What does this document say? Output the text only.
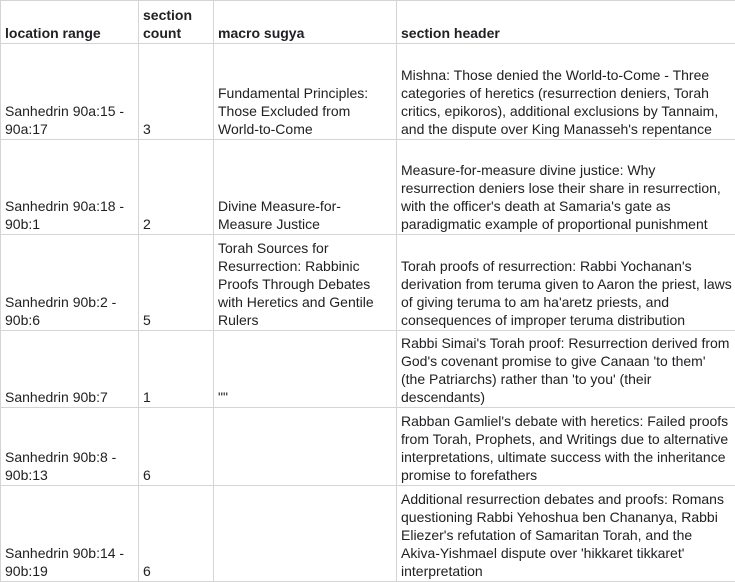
location range	section count	macro sugya	section header
Sanhedrin 90a:15 - 90a:17	3	Fundamental Principles: Those Excluded from World-to-Come	Mishna: Those denied the World-to-Come - Three categories of heretics (resurrection deniers, Torah critics, epikoros), additional exclusions by Tannaim, and the dispute over King Manasseh's repentance
Sanhedrin 90a:18 - 90b:1	2	Divine Measure-for-Measure Justice	Measure-for-measure divine justice: Why resurrection deniers lose their share in resurrection, with the officer's death at Samaria's gate as paradigmatic example of proportional punishment
Sanhedrin 90b:2 - 90b:6	5	Torah Sources for Resurrection: Rabbinic Proofs Through Debates with Heretics and Gentile Rulers	Torah proofs of resurrection: Rabbi Yochanan's derivation from teruma given to Aaron the priest, laws of giving teruma to am ha'aretz priests, and consequences of improper teruma distribution
Sanhedrin 90b:7	1	""	Rabbi Simai's Torah proof: Resurrection derived from God's covenant promise to give Canaan 'to them' (the Patriarchs) rather than 'to you' (their descendants)
Sanhedrin 90b:8 - 90b:13	6		Rabban Gamliel's debate with heretics: Failed proofs from Torah, Prophets, and Writings due to alternative interpretations, ultimate success with the inheritance promise to forefathers
Sanhedrin 90b:14 - 90b:19	6		Additional resurrection debates and proofs: Romans questioning Rabbi Yehoshua ben Chananya, Rabbi Eliezer's refutation of Samaritan Torah, and the Akiva-Yishmael dispute over 'hikkaret tikkaret' interpretation
